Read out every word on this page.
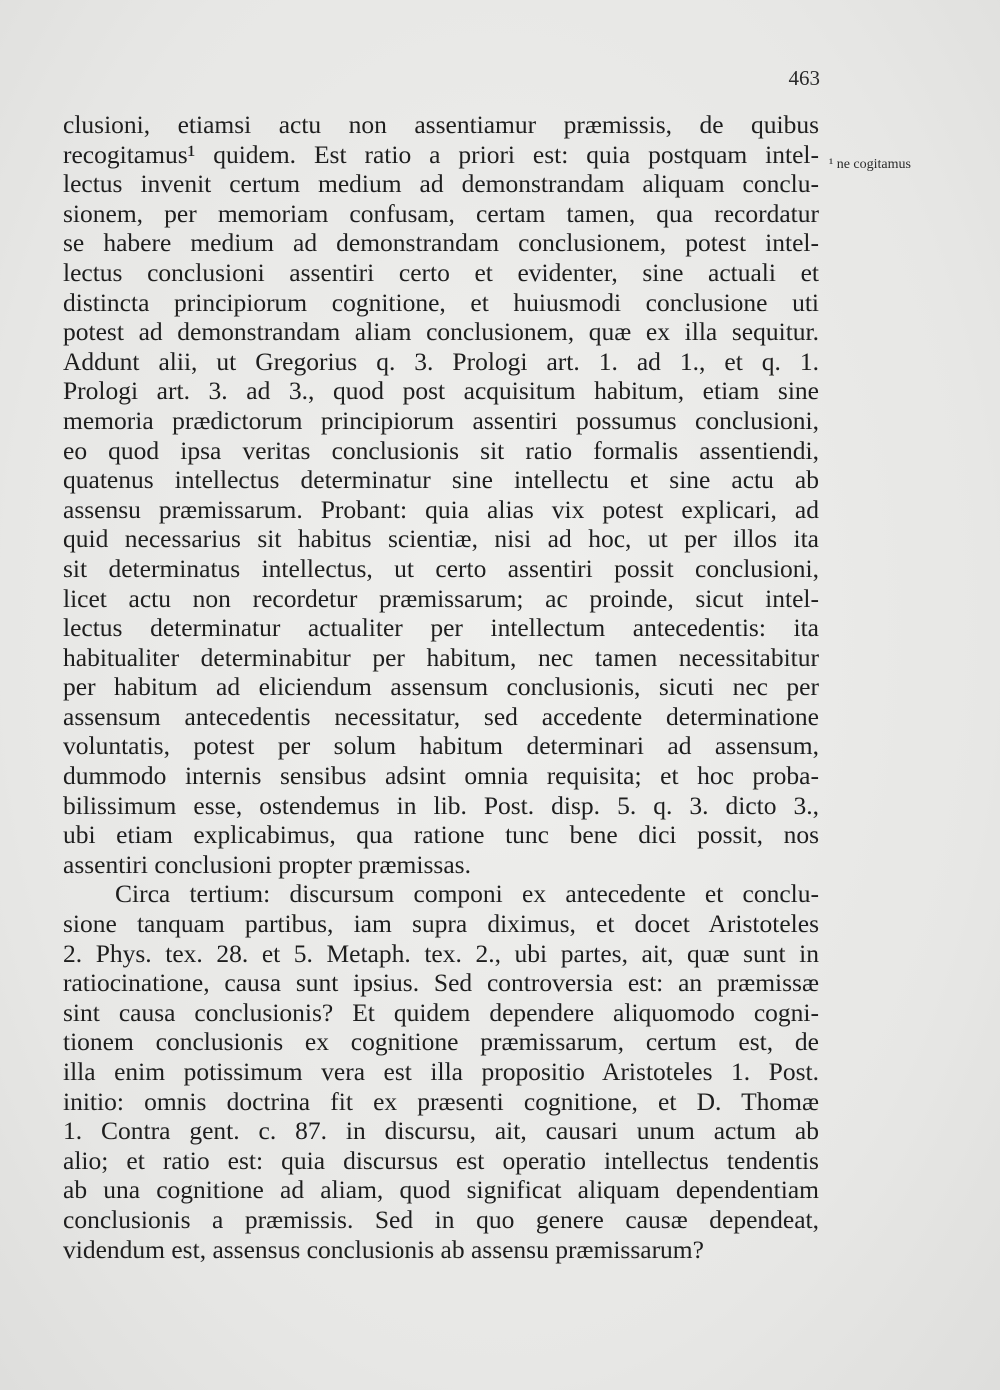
463
clusioni, etiamsi actu non assentiamur præmissis, de quibus
recogitamus¹ quidem. Est ratio a priori est: quia postquam intel-
lectus invenit certum medium ad demonstrandam aliquam conclu-
sionem, per memoriam confusam, certam tamen, qua recordatur
se habere medium ad demonstrandam conclusionem, potest intel-
lectus conclusioni assentiri certo et evidenter, sine actuali et
distincta principiorum cognitione, et huiusmodi conclusione uti
potest ad demonstrandam aliam conclusionem, quæ ex illa sequitur.
Addunt alii, ut Gregorius q. 3. Prologi art. 1. ad 1., et q. 1.
Prologi art. 3. ad 3., quod post acquisitum habitum, etiam sine
memoria prædictorum principiorum assentiri possumus conclusioni,
eo quod ipsa veritas conclusionis sit ratio formalis assentiendi,
quatenus intellectus determinatur sine intellectu et sine actu ab
assensu præmissarum. Probant: quia alias vix potest explicari, ad
quid necessarius sit habitus scientiæ, nisi ad hoc, ut per illos ita
sit determinatus intellectus, ut certo assentiri possit conclusioni,
licet actu non recordetur præmissarum; ac proinde, sicut intel-
lectus determinatur actualiter per intellectum antecedentis: ita
habitualiter determinabitur per habitum, nec tamen necessitabitur
per habitum ad eliciendum assensum conclusionis, sicuti nec per
assensum antecedentis necessitatur, sed accedente determinatione
voluntatis, potest per solum habitum determinari ad assensum,
dummodo internis sensibus adsint omnia requisita; et hoc proba-
bilissimum esse, ostendemus in lib. Post. disp. 5. q. 3. dicto 3.,
ubi etiam explicabimus, qua ratione tunc bene dici possit, nos
assentiri conclusioni propter præmissas.
Circa tertium: discursum componi ex antecedente et conclu-
sione tanquam partibus, iam supra diximus, et docet Aristoteles
2. Phys. tex. 28. et 5. Metaph. tex. 2., ubi partes, ait, quæ sunt in
ratiocinatione, causa sunt ipsius. Sed controversia est: an præmissæ
sint causa conclusionis? Et quidem dependere aliquomodo cogni-
tionem conclusionis ex cognitione præmissarum, certum est, de
illa enim potissimum vera est illa propositio Aristoteles 1. Post.
initio: omnis doctrina fit ex præsenti cognitione, et D. Thomæ
1. Contra gent. c. 87. in discursu, ait, causari unum actum ab
alio; et ratio est: quia discursus est operatio intellectus tendentis
ab una cognitione ad aliam, quod significat aliquam dependentiam
conclusionis a præmissis. Sed in quo genere causæ dependeat,
videndum est, assensus conclusionis ab assensu præmissarum?
¹ ne cogitamus
